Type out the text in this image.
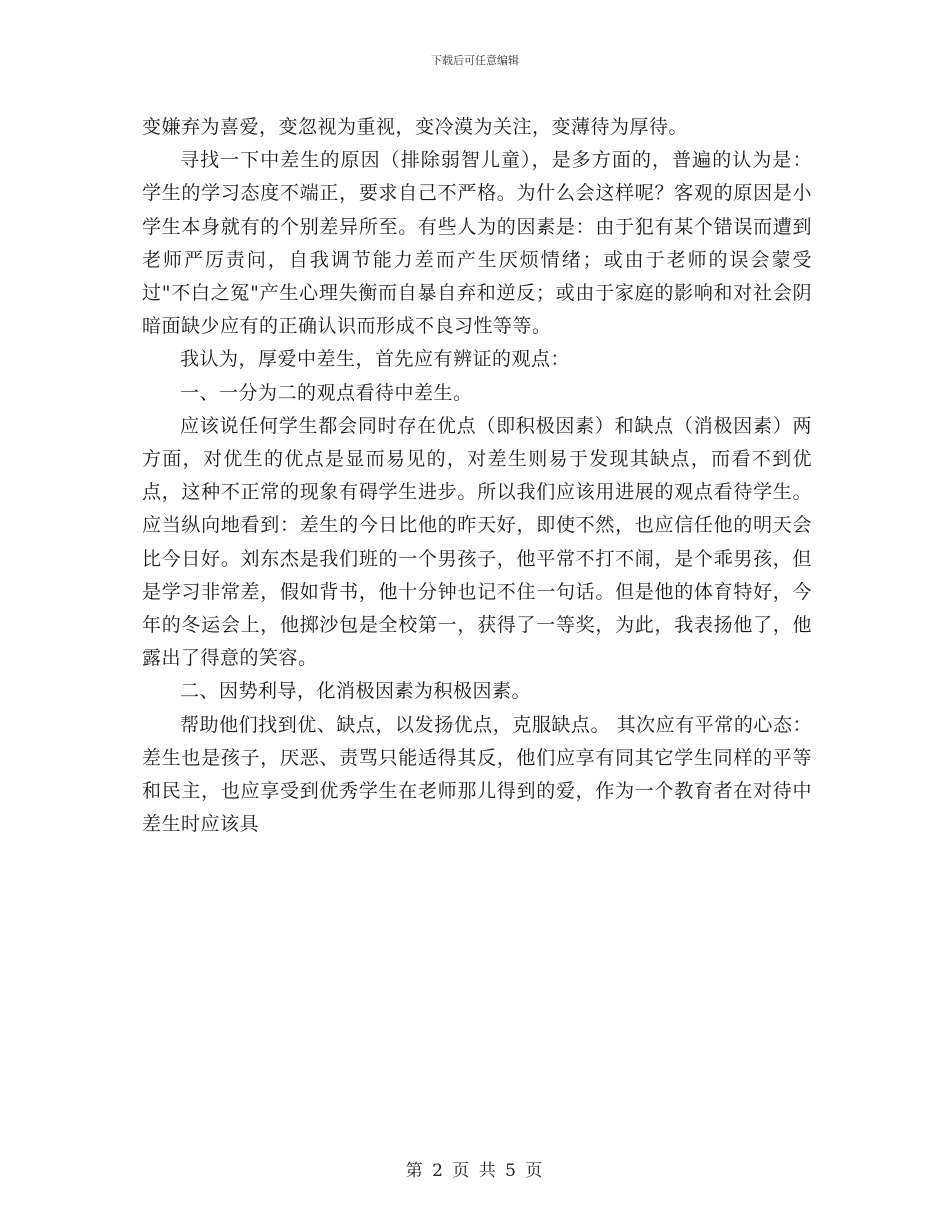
下载后可任意编辑

变嫌弃为喜爱，变忽视为重视，变冷漠为关注，变薄待为厚待。

寻找一下中差生的原因（排除弱智儿童），是多方面的，普遍的认为是：学生的学习态度不端正，要求自己不严格。为什么会这样呢？客观的原因是小学生本身就有的个别差异所至。有些人为的因素是：由于犯有某个错误而遭到老师严厉责问，自我调节能力差而产生厌烦情绪；或由于老师的误会蒙受过"不白之冤"产生心理失衡而自暴自弃和逆反；或由于家庭的影响和对社会阴暗面缺少应有的正确认识而形成不良习性等等。

我认为，厚爱中差生，首先应有辨证的观点：

一、一分为二的观点看待中差生。

应该说任何学生都会同时存在优点（即积极因素）和缺点（消极因素）两方面，对优生的优点是显而易见的，对差生则易于发现其缺点，而看不到优点，这种不正常的现象有碍学生进步。所以我们应该用进展的观点看待学生。应当纵向地看到：差生的今日比他的昨天好，即使不然，也应信任他的明天会比今日好。刘东杰是我们班的一个男孩子，他平常不打不闹，是个乖男孩，但是学习非常差，假如背书，他十分钟也记不住一句话。但是他的体育特好，今年的冬运会上，他掷沙包是全校第一，获得了一等奖，为此，我表扬他了，他露出了得意的笑容。

二、因势利导，化消极因素为积极因素。

帮助他们找到优、缺点，以发扬优点，克服缺点。 其次应有平常的心态：差生也是孩子，厌恶、责骂只能适得其反，他们应享有同其它学生同样的平等和民主，也应享受到优秀学生在老师那儿得到的爱，作为一个教育者在对待中差生时应该具

第 2 页 共 5 页
